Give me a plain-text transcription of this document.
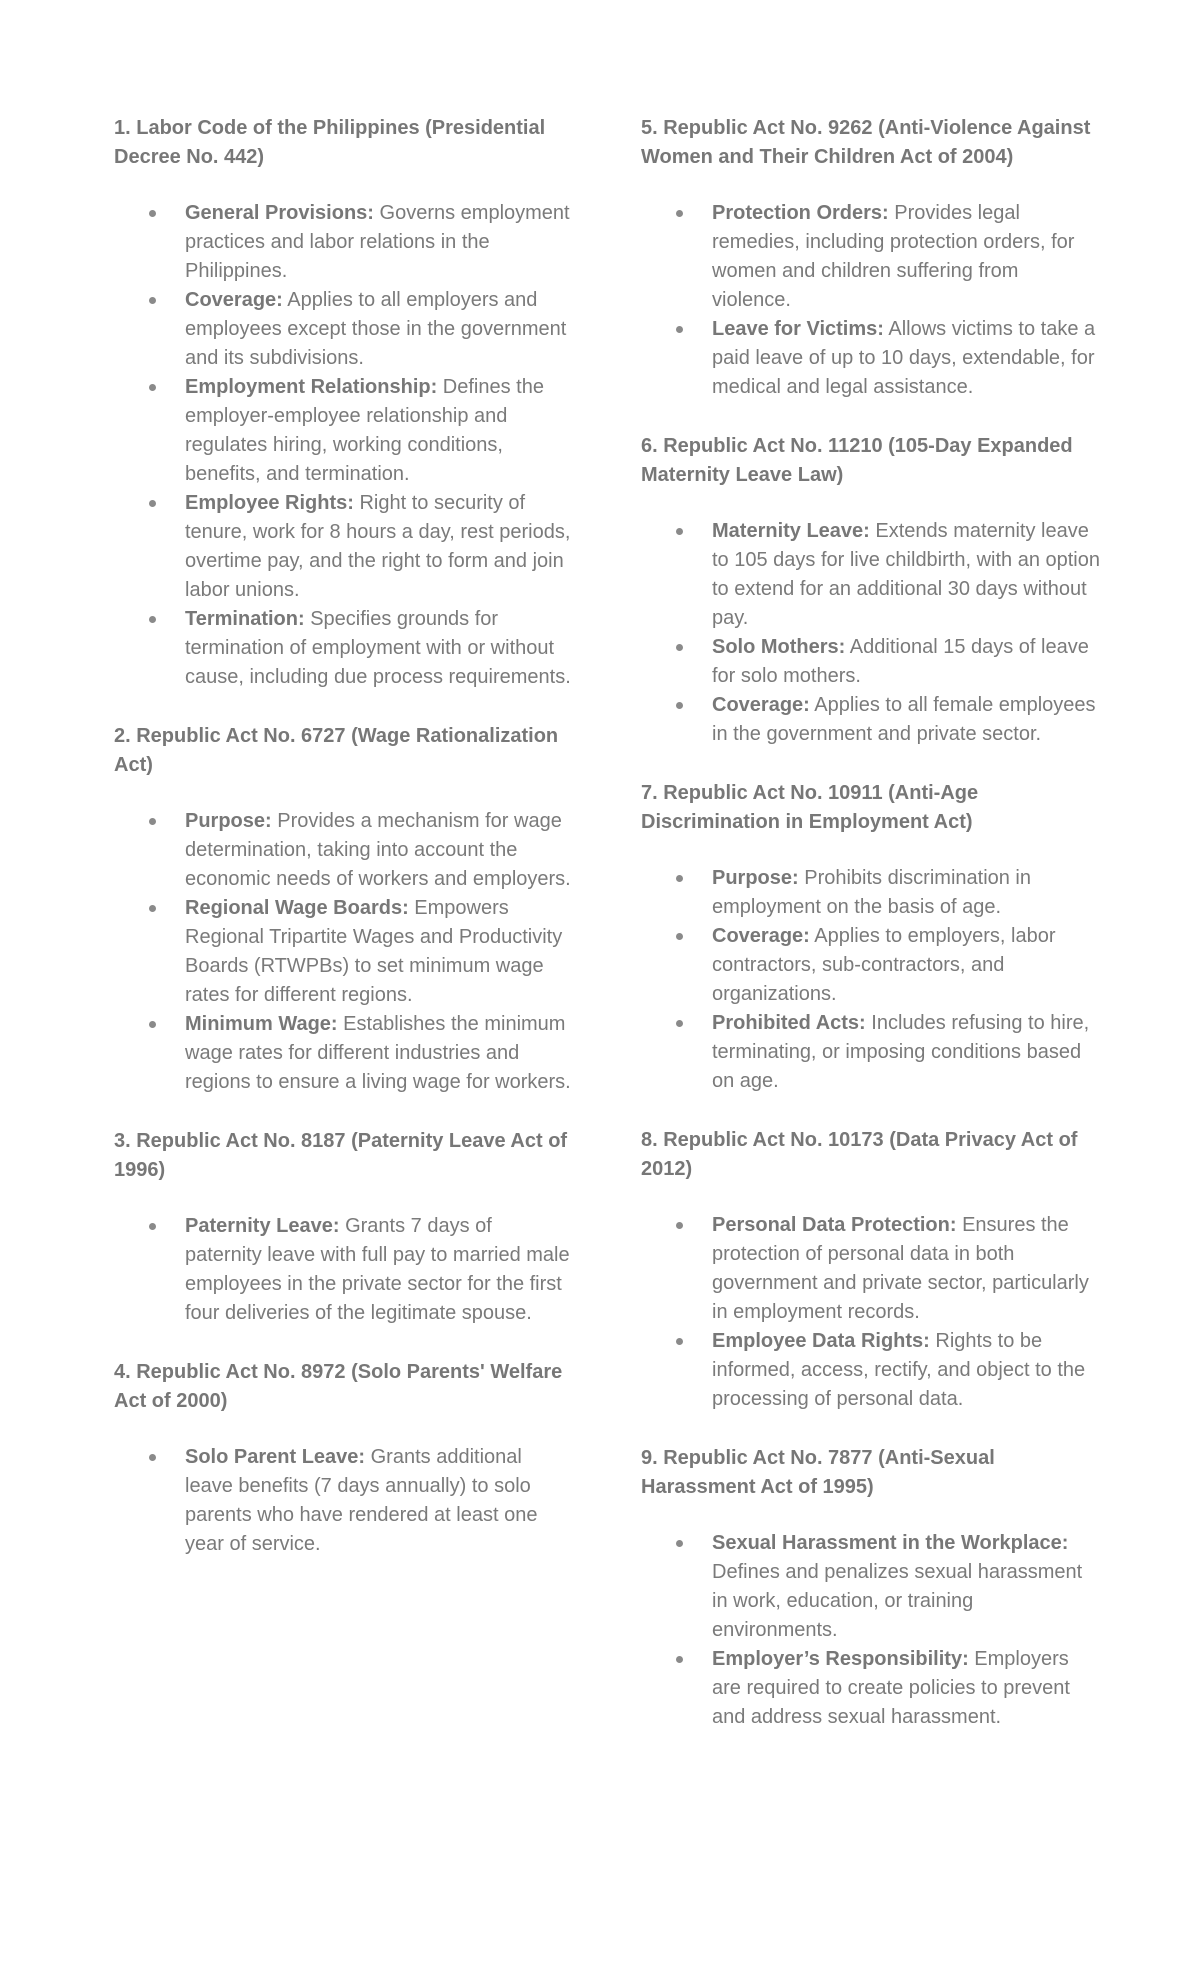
1. Labor Code of the Philippines (Presidential Decree No. 442)
General Provisions: Governs employment practices and labor relations in the Philippines.
Coverage: Applies to all employers and employees except those in the government and its subdivisions.
Employment Relationship: Defines the employer-employee relationship and regulates hiring, working conditions, benefits, and termination.
Employee Rights: Right to security of tenure, work for 8 hours a day, rest periods, overtime pay, and the right to form and join labor unions.
Termination: Specifies grounds for termination of employment with or without cause, including due process requirements.
2. Republic Act No. 6727 (Wage Rationalization Act)
Purpose: Provides a mechanism for wage determination, taking into account the economic needs of workers and employers.
Regional Wage Boards: Empowers Regional Tripartite Wages and Productivity Boards (RTWPBs) to set minimum wage rates for different regions.
Minimum Wage: Establishes the minimum wage rates for different industries and regions to ensure a living wage for workers.
3. Republic Act No. 8187 (Paternity Leave Act of 1996)
Paternity Leave: Grants 7 days of paternity leave with full pay to married male employees in the private sector for the first four deliveries of the legitimate spouse.
4. Republic Act No. 8972 (Solo Parents' Welfare Act of 2000)
Solo Parent Leave: Grants additional leave benefits (7 days annually) to solo parents who have rendered at least one year of service.
5. Republic Act No. 9262 (Anti-Violence Against Women and Their Children Act of 2004)
Protection Orders: Provides legal remedies, including protection orders, for women and children suffering from violence.
Leave for Victims: Allows victims to take a paid leave of up to 10 days, extendable, for medical and legal assistance.
6. Republic Act No. 11210 (105-Day Expanded Maternity Leave Law)
Maternity Leave: Extends maternity leave to 105 days for live childbirth, with an option to extend for an additional 30 days without pay.
Solo Mothers: Additional 15 days of leave for solo mothers.
Coverage: Applies to all female employees in the government and private sector.
7. Republic Act No. 10911 (Anti-Age Discrimination in Employment Act)
Purpose: Prohibits discrimination in employment on the basis of age.
Coverage: Applies to employers, labor contractors, sub-contractors, and organizations.
Prohibited Acts: Includes refusing to hire, terminating, or imposing conditions based on age.
8. Republic Act No. 10173 (Data Privacy Act of 2012)
Personal Data Protection: Ensures the protection of personal data in both government and private sector, particularly in employment records.
Employee Data Rights: Rights to be informed, access, rectify, and object to the processing of personal data.
9. Republic Act No. 7877 (Anti-Sexual Harassment Act of 1995)
Sexual Harassment in the Workplace: Defines and penalizes sexual harassment in work, education, or training environments.
Employer’s Responsibility: Employers are required to create policies to prevent and address sexual harassment.
